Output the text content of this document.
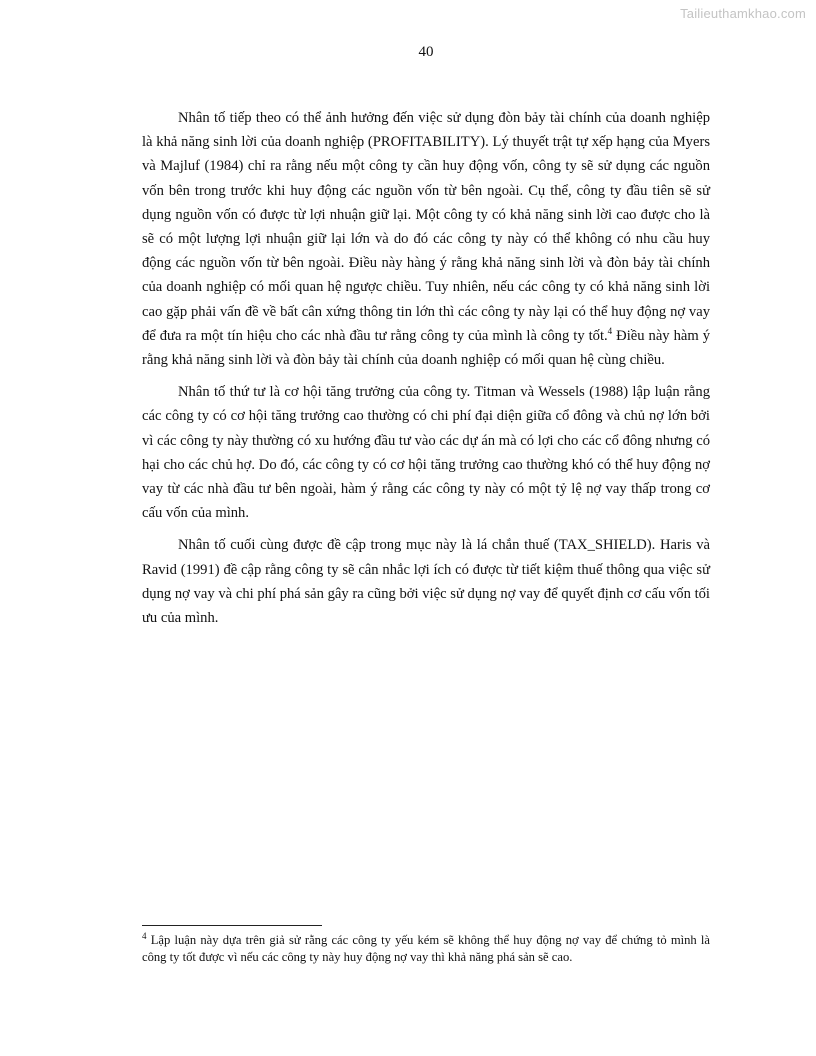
Tailieuthamkhao.com
40

Nhân tố tiếp theo có thể ảnh hưởng đến việc sử dụng đòn bảy tài chính của doanh nghiệp là khả năng sinh lời của doanh nghiệp (PROFITABILITY). Lý thuyết trật tự xếp hạng của Myers và Majluf (1984) chỉ ra rằng nếu một công ty cần huy động vốn, công ty sẽ sử dụng các nguồn vốn bên trong trước khi huy động các nguồn vốn từ bên ngoài. Cụ thể, công ty đầu tiên sẽ sử dụng nguồn vốn có được từ lợi nhuận giữ lại. Một công ty có khả năng sinh lời cao được cho là sẽ có một lượng lợi nhuận giữ lại lớn và do đó các công ty này có thể không có nhu cầu huy động các nguồn vốn từ bên ngoài. Điều này hàng ý rằng khả năng sinh lời và đòn bảy tài chính của doanh nghiệp có mối quan hệ ngược chiều. Tuy nhiên, nếu các công ty có khả năng sinh lời cao gặp phải vấn đề về bất cân xứng thông tin lớn thì các công ty này lại có thể huy động nợ vay để đưa ra một tín hiệu cho các nhà đầu tư rằng công ty của mình là công ty tốt.$^4$ Điều này hàm ý rằng khả năng sinh lời và đòn bảy tài chính của doanh nghiệp có mối quan hệ cùng chiều.

Nhân tố thứ tư là cơ hội tăng trưởng của công ty. Titman và Wessels (1988) lập luận rằng các công ty có cơ hội tăng trưởng cao thường có chi phí đại diện giữa cổ đông và chủ nợ lớn bởi vì các công ty này thường có xu hướng đầu tư vào các dự án mà có lợi cho các cổ đông nhưng có hại cho các chủ hợ. Do đó, các công ty có cơ hội tăng trưởng cao thường khó có thể huy động nợ vay từ các nhà đầu tư bên ngoài, hàm ý rằng các công ty này có một tỷ lệ nợ vay thấp trong cơ cấu vốn của mình.

Nhân tố cuối cùng được đề cập trong mục này là lá chắn thuế (TAX_SHIELD). Haris và Ravid (1991) đề cập rằng công ty sẽ cân nhắc lợi ích có được từ tiết kiệm thuế thông qua việc sử dụng nợ vay và chi phí phá sản gây ra cũng bởi việc sử dụng nợ vay để quyết định cơ cấu vốn tối ưu của mình.

$^4$ Lập luận này dựa trên giả sử rằng các công ty yếu kém sẽ không thể huy động nợ vay để chứng tỏ mình là công ty tốt được vì nếu các công ty này huy động nợ vay thì khả năng phá sản sẽ cao.
